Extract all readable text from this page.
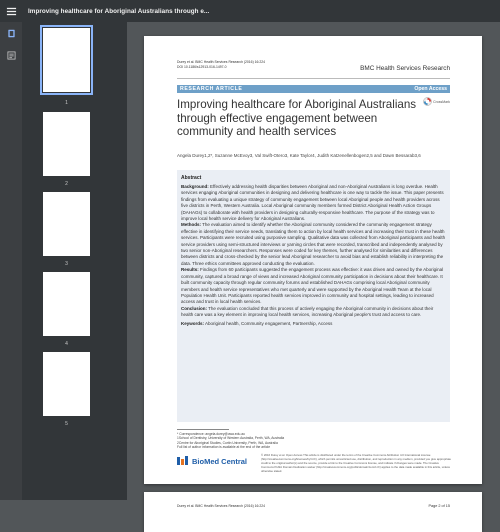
Improving healthcare for Aboriginal Australians through e...
1
2
3
4
5
Durey et al. BMC Health Services Research (2016) 16:224
DOI 10.1186/s12913-016-1497-0	BMC Health Services Research
RESEARCH ARTICLE	Open Access
Improving healthcare for Aboriginal Australians through effective engagement between community and health services
CrossMark
Angela Durey1,2*, Suzanne McEvoy3, Val Swift-Otero3, Kate Taylor4, Judith Katzenellenbogen2,5 and Dawn Bessarab3,6
Abstract

Background: Effectively addressing health disparities between Aboriginal and non-Aboriginal Australians is long overdue. Health services engaging Aboriginal communities in designing and delivering healthcare is one way to tackle the issue. This paper presents findings from evaluating a unique strategy of community engagement between local Aboriginal people and health providers across five districts in Perth, Western Australia. Local Aboriginal community members formed District Aboriginal Health Action Groups (DAHAGs) to collaborate with health providers in designing culturally-responsive healthcare. The purpose of the strategy was to improve local health service delivery for Aboriginal Australians.

Methods: The evaluation aimed to identify whether the Aboriginal community considered the community engagement strategy effective in identifying their service needs, translating them to action by local health services and increasing their trust in these health services. Participants were recruited using purposive sampling. Qualitative data was collected from Aboriginal participants and health service providers using semi-structured interviews or yarning circles that were recorded, transcribed and independently analysed by two senior non-Aboriginal researchers. Responses were coded for key themes, further analysed for similarities and differences between districts and cross-checked by the senior lead Aboriginal researcher to avoid bias and establish reliability in interpreting the data. Three ethics committees approved conducting the evaluation.

Results: Findings from 60 participants suggested the engagement process was effective: it was driven and owned by the Aboriginal community, captured a broad range of views and increased Aboriginal community participation in decisions about their healthcare. It built community capacity through regular community forums and established DAHAGs comprising local Aboriginal community members and health service representatives who met quarterly and were supported by the Aboriginal Health Team at the local Population Health Unit. Participants reported health services improved in community and hospital settings, leading to increased access and trust in local health services.

Conclusion: The evaluation concluded that this process of actively engaging the Aboriginal community in decisions about their health care was a key element in improving local health services, increasing Aboriginal people's trust and access to care.

Keywords: Aboriginal health, Community engagement, Partnership, Access

* Correspondence: angela.durey@uwa.edu.au
1School of Dentistry, University of Western Australia, Perth, WA, Australia
2Centre for Aboriginal Studies, Curtin University, Perth, WA, Australia
Full list of author information is available at the end of the article
BioMed Central
© 2016 Durey et al. Open Access This article is distributed under the terms of the Creative Commons Attribution 4.0 International License (http://creativecommons.org/licenses/by/4.0/), which permits unrestricted use, distribution, and reproduction in any medium, provided you give appropriate credit to the original author(s) and the source, provide a link to the Creative Commons license, and indicate if changes were made. The Creative Commons Public Domain Dedication waiver (http://creativecommons.org/publicdomain/zero/1.0/) applies to the data made available in this article, unless otherwise stated.
Durey et al. BMC Health Services Research (2016) 16:224	Page 2 of 15
